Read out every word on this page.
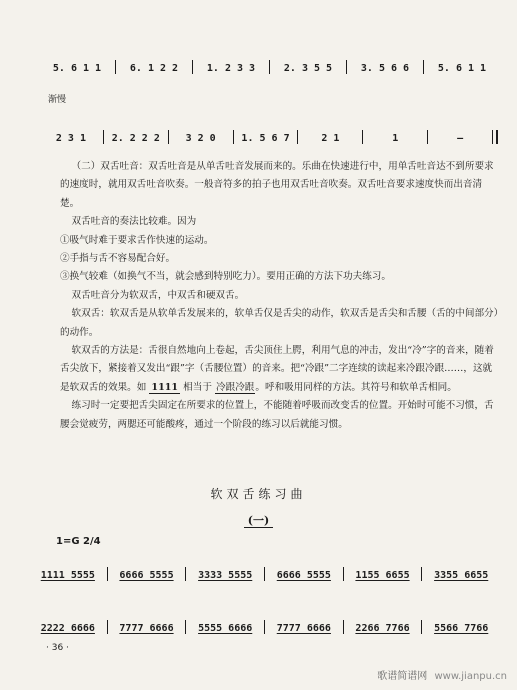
5. 6 1 1	6. 1 2 2	1. 2 3 3	2. 3 5 5	3. 5 6 6	5. 6 1 1
渐慢
2 3 1	2. 2 2 2	3 2 0	1. 5 6 7	2 1	1	—

（二）双舌吐音：双舌吐音是从单舌吐音发展而来的。乐曲在快速进行中，用单舌吐音达不到所要求的速度时，就用双舌吐音吹奏。一般音符多的拍子也用双舌吐音吹奏。双舌吐音要求速度快而出音清楚。

双舌吐音的奏法比较难。因为

①吸气时难于要求舌作快速的运动。

②手指与舌不容易配合好。

③换气较难（如换气不当，就会感到特别吃力）。要用正确的方法下功夫练习。

双舌吐音分为软双舌，中双舌和硬双舌。

软双舌：软双舌是从软单舌发展来的，软单舌仅是舌尖的动作，软双舌是舌尖和舌腰（舌的中间部分）的动作。

软双舌的方法是：舌很自然地向上卷起，舌尖顶住上腭，利用气息的冲击，发出“冷”字的音来，随着舌尖放下，紧接着又发出“跟”字（舌腰位置）的音来。把“冷跟”二字连续的读起来冷跟冷跟……，这就是软双舌的效果。如 1111 相当于 冷跟冷跟。呼和吸用同样的方法。其符号和软单舌相同。

练习时一定要把舌尖固定在所要求的位置上，不能随着呼吸而改变舌的位置。开始时可能不习惯，舌腰会觉疲劳，两腮还可能酸疼，通过一个阶段的练习以后就能习惯。

软双舌练习曲
(一)
1=G 2/4
1111 5555	6666 5555	3333 5555	6666 5555	1155 6655	3355 6655
2222 6666	7777 6666	5555 6666	7777 6666	2266 7766	5566 7766
· 36 ·
歌谱简谱网 www.jianpu.cn
